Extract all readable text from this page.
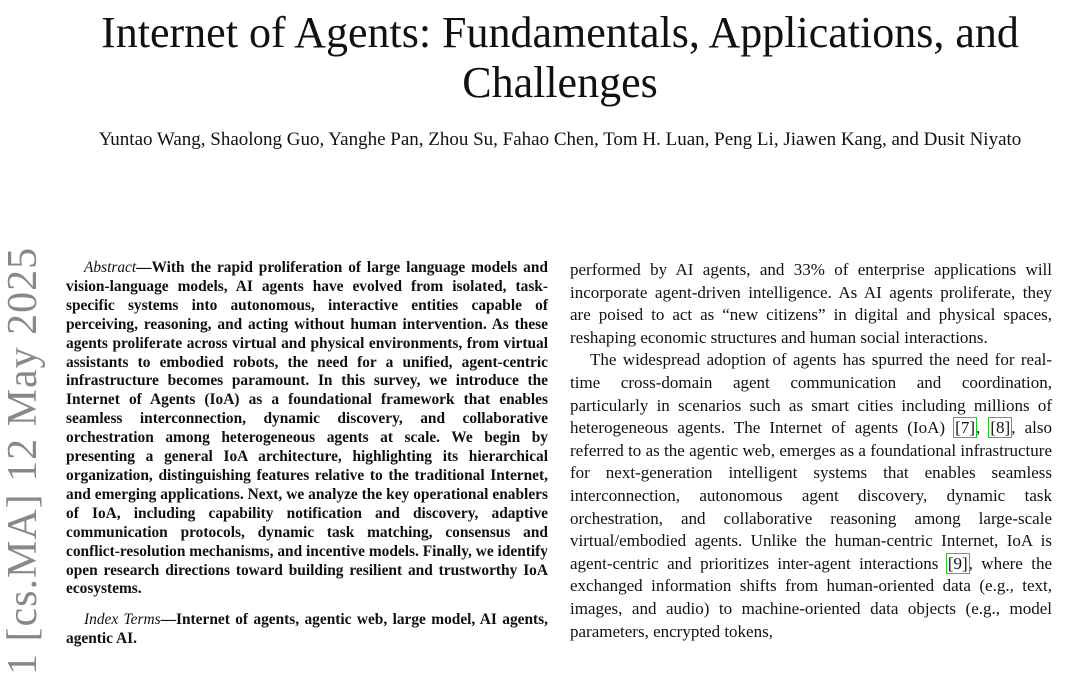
Internet of Agents: Fundamentals, Applications, and Challenges

Yuntao Wang, Shaolong Guo, Yanghe Pan, Zhou Su, Fahao Chen, Tom H. Luan, Peng Li, Jiawen Kang, and Dusit Niyato

1 [cs.MA] 12 May 2025	Abstract—With the rapid proliferation of large language models and vision-language models, AI agents have evolved from isolated, task-specific systems into autonomous, interactive entities capable of perceiving, reasoning, and acting without human intervention. As these agents proliferate across virtual and physical environments, from virtual assistants to embodied robots, the need for a unified, agent-centric infrastructure becomes paramount. In this survey, we introduce the Internet of Agents (IoA) as a foundational framework that enables seamless interconnection, dynamic discovery, and collaborative orchestration among heterogeneous agents at scale. We begin by presenting a general IoA architecture, highlighting its hierarchical organization, distinguishing features relative to the traditional Internet, and emerging applications. Next, we analyze the key operational enablers of IoA, including capability notification and discovery, adaptive communication protocols, dynamic task matching, consensus and conflict-resolution mechanisms, and incentive models. Finally, we identify open research directions toward building resilient and trustworthy IoA ecosystems.

Index Terms—Internet of agents, agentic web, large model, AI agents, agentic AI.

performed by AI agents, and 33% of enterprise applications will incorporate agent-driven intelligence. As AI agents proliferate, they are poised to act as “new citizens” in digital and physical spaces, reshaping economic structures and human social interactions.

The widespread adoption of agents has spurred the need for real-time cross-domain agent communication and coordination, particularly in scenarios such as smart cities including millions of heterogeneous agents. The Internet of agents (IoA) [7], [8], also referred to as the agentic web, emerges as a foundational infrastructure for next-generation intelligent systems that enables seamless interconnection, autonomous agent discovery, dynamic task orchestration, and collaborative reasoning among large-scale virtual/embodied agents. Unlike the human-centric Internet, IoA is agent-centric and prioritizes inter-agent interactions [9], where the exchanged information shifts from human-oriented data (e.g., text, images, and audio) to machine-oriented data objects (e.g., model parameters, encrypted tokens,
